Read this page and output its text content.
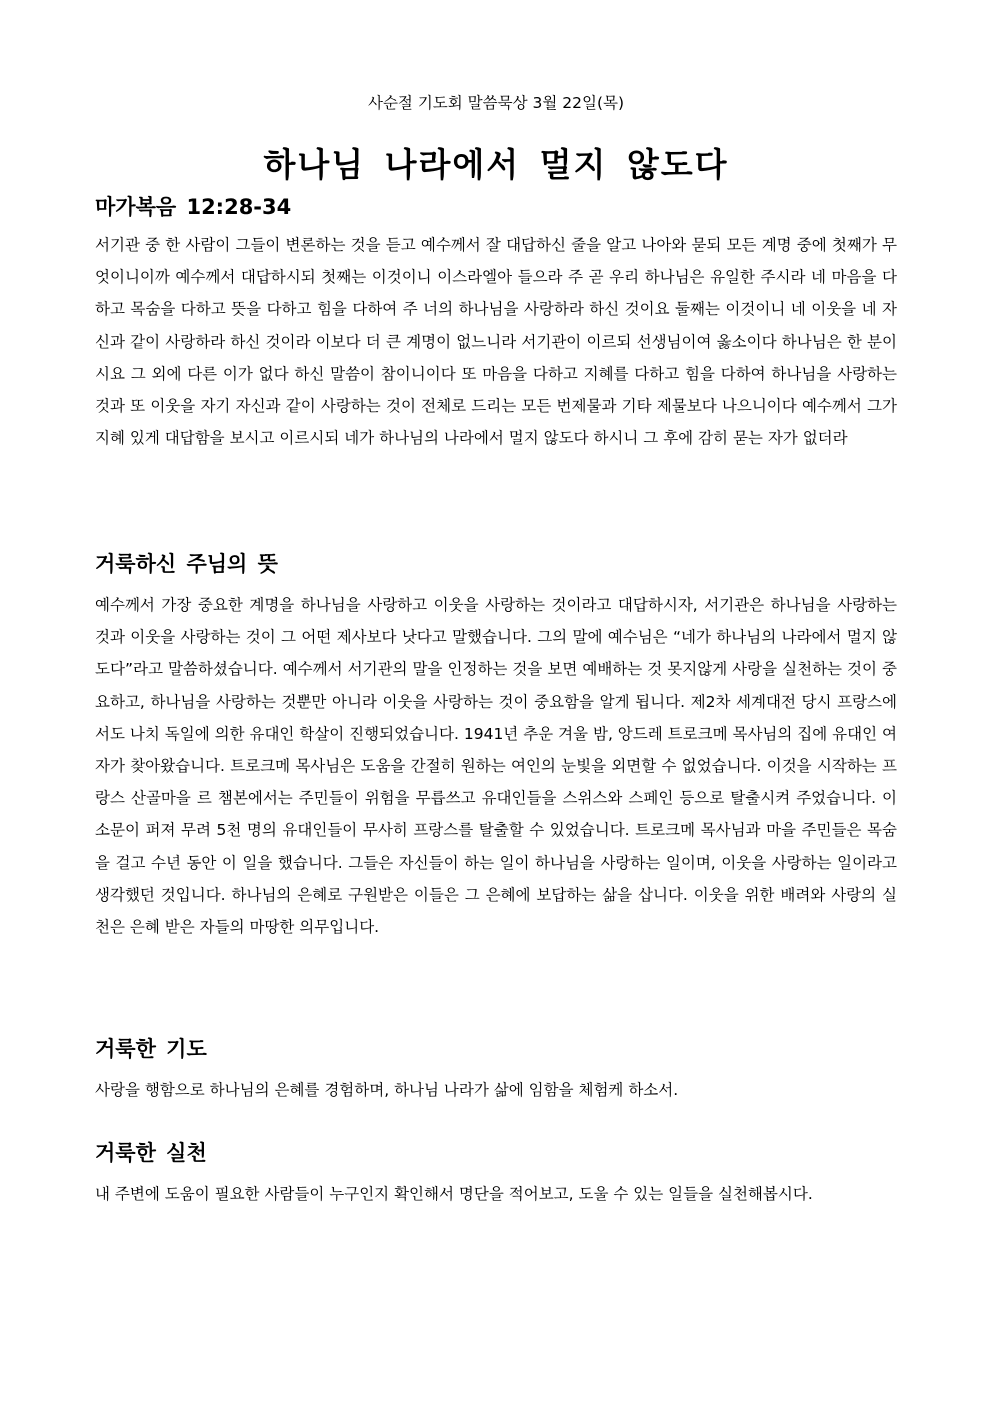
사순절 기도회 말씀묵상 3월 22일(목)
하나님 나라에서 멀지 않도다
마가복음 12:28-34

서기관 중 한 사람이 그들이 변론하는 것을 듣고 예수께서 잘 대답하신 줄을 알고 나아와 묻되 모든 계명 중에 첫째가 무엇이니이까 예수께서 대답하시되 첫째는 이것이니 이스라엘아 들으라 주 곧 우리 하나님은 유일한 주시라 네 마음을 다하고 목숨을 다하고 뜻을 다하고 힘을 다하여 주 너의 하나님을 사랑하라 하신 것이요 둘째는 이것이니 네 이웃을 네 자신과 같이 사랑하라 하신 것이라 이보다 더 큰 계명이 없느니라 서기관이 이르되 선생님이여 옳소이다 하나님은 한 분이시요 그 외에 다른 이가 없다 하신 말씀이 참이니이다 또 마음을 다하고 지혜를 다하고 힘을 다하여 하나님을 사랑하는 것과 또 이웃을 자기 자신과 같이 사랑하는 것이 전체로 드리는 모든 번제물과 기타 제물보다 나으니이다 예수께서 그가 지혜 있게 대답함을 보시고 이르시되 네가 하나님의 나라에서 멀지 않도다 하시니 그 후에 감히 묻는 자가 없더라

거룩하신 주님의 뜻

예수께서 가장 중요한 계명을 하나님을 사랑하고 이웃을 사랑하는 것이라고 대답하시자, 서기관은 하나님을 사랑하는 것과 이웃을 사랑하는 것이 그 어떤 제사보다 낫다고 말했습니다. 그의 말에 예수님은 “네가 하나님의 나라에서 멀지 않도다”라고 말씀하셨습니다. 예수께서 서기관의 말을 인정하는 것을 보면 예배하는 것 못지않게 사랑을 실천하는 것이 중요하고, 하나님을 사랑하는 것뿐만 아니라 이웃을 사랑하는 것이 중요함을 알게 됩니다. 제2차 세계대전 당시 프랑스에서도 나치 독일에 의한 유대인 학살이 진행되었습니다. 1941년 추운 겨울 밤, 앙드레 트로크메 목사님의 집에 유대인 여자가 찾아왔습니다. 트로크메 목사님은 도움을 간절히 원하는 여인의 눈빛을 외면할 수 없었습니다. 이것을 시작하는 프랑스 산골마을 르 챔본에서는 주민들이 위험을 무릅쓰고 유대인들을 스위스와 스페인 등으로 탈출시켜 주었습니다. 이 소문이 퍼져 무려 5천 명의 유대인들이 무사히 프랑스를 탈출할 수 있었습니다. 트로크메 목사님과 마을 주민들은 목숨을 걸고 수년 동안 이 일을 했습니다. 그들은 자신들이 하는 일이 하나님을 사랑하는 일이며, 이웃을 사랑하는 일이라고 생각했던 것입니다. 하나님의 은혜로 구원받은 이들은 그 은혜에 보답하는 삶을 삽니다. 이웃을 위한 배려와 사랑의 실천은 은혜 받은 자들의 마땅한 의무입니다.

거룩한 기도

사랑을 행함으로 하나님의 은혜를 경험하며, 하나님 나라가 삶에 임함을 체험케 하소서.

거룩한 실천

내 주변에 도움이 필요한 사람들이 누구인지 확인해서 명단을 적어보고, 도울 수 있는 일들을 실천해봅시다.
